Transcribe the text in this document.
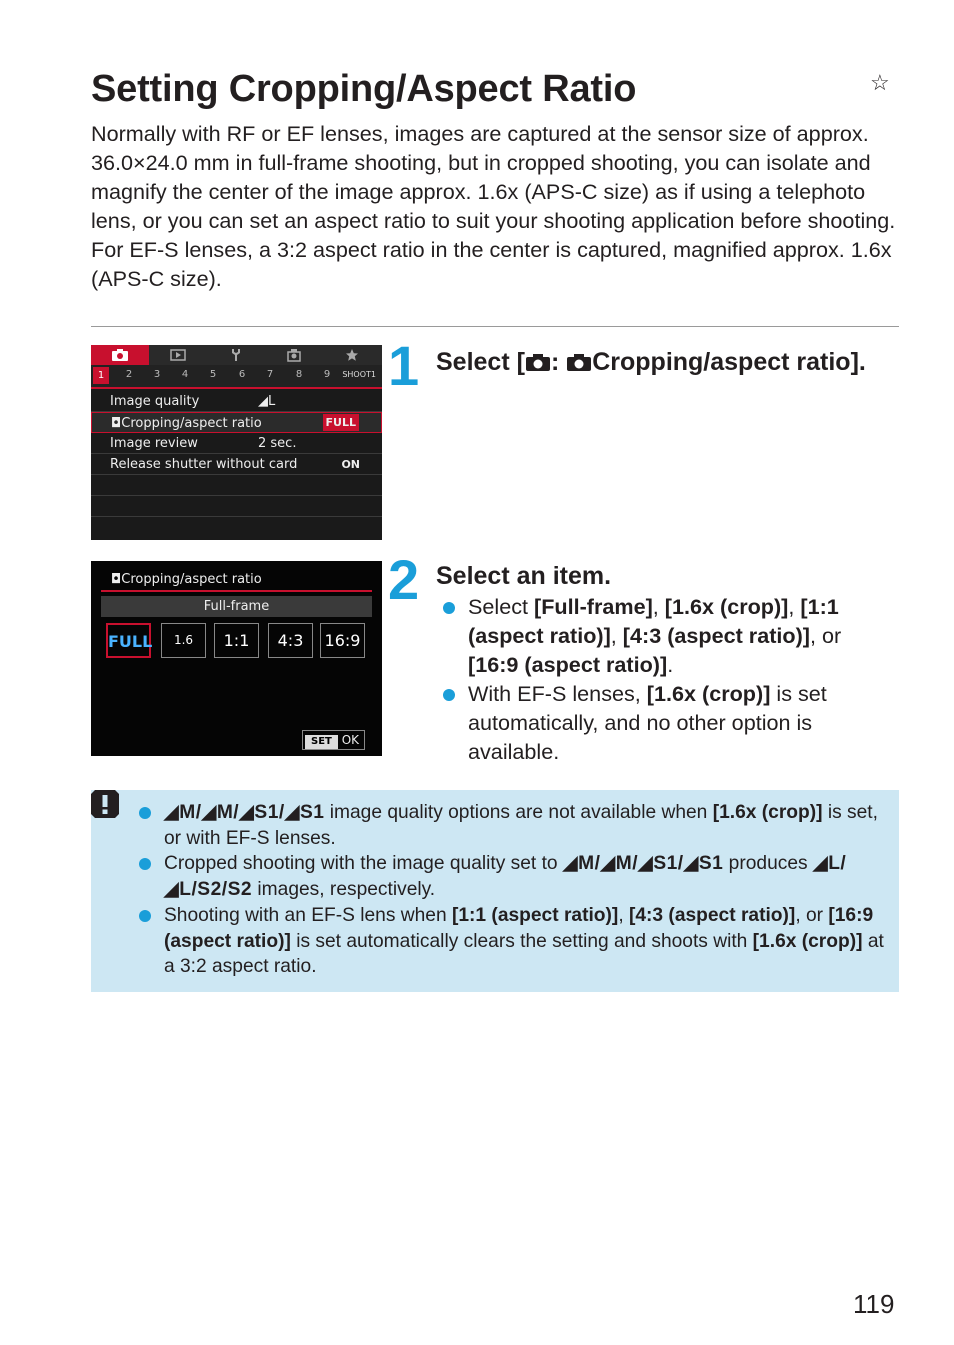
Setting Cropping/Aspect Ratio	☆

Normally with RF or EF lenses, images are captured at the sensor size of approx. 36.0×24.0 mm in full-frame shooting, but in cropped shooting, you can isolate and magnify the center of the image approx. 1.6x (APS-C size) as if using a telephoto lens, or you can set an aspect ratio to suit your shooting application before shooting.

For EF-S lenses, a 3:2 aspect ratio in the center is captured, magnified approx. 1.6x (APS-C size).

1	2	3	4	5	6	7	8	9	SHOOT1
Image quality	◢L
◘Cropping/aspect ratio	FULL
Image review	2 sec.
Release shutter without card	ON
◘Cropping/aspect ratio
Full-frame
FULL	1.6	1:1	4:3	16:9
SET OK
1 Select [ : Cropping/aspect ratio].
2 Select an item.
Select [Full-frame], [1.6x (crop)], [1:1 (aspect ratio)], [4:3 (aspect ratio)], or [16:9 (aspect ratio)].
With EF-S lenses, [1.6x (crop)] is set automatically, and no other option is available.
◢M/◢M/◢S1/◢S1 image quality options are not available when [1.6x (crop)] is set, or with EF-S lenses.
Cropped shooting with the image quality set to ◢M/◢M/◢S1/◢S1 produces ◢L/◢L/S2/S2 images, respectively.
Shooting with an EF-S lens when [1:1 (aspect ratio)], [4:3 (aspect ratio)], or [16:9 (aspect ratio)] is set automatically clears the setting and shoots with [1.6x (crop)] at a 3:2 aspect ratio.
119
